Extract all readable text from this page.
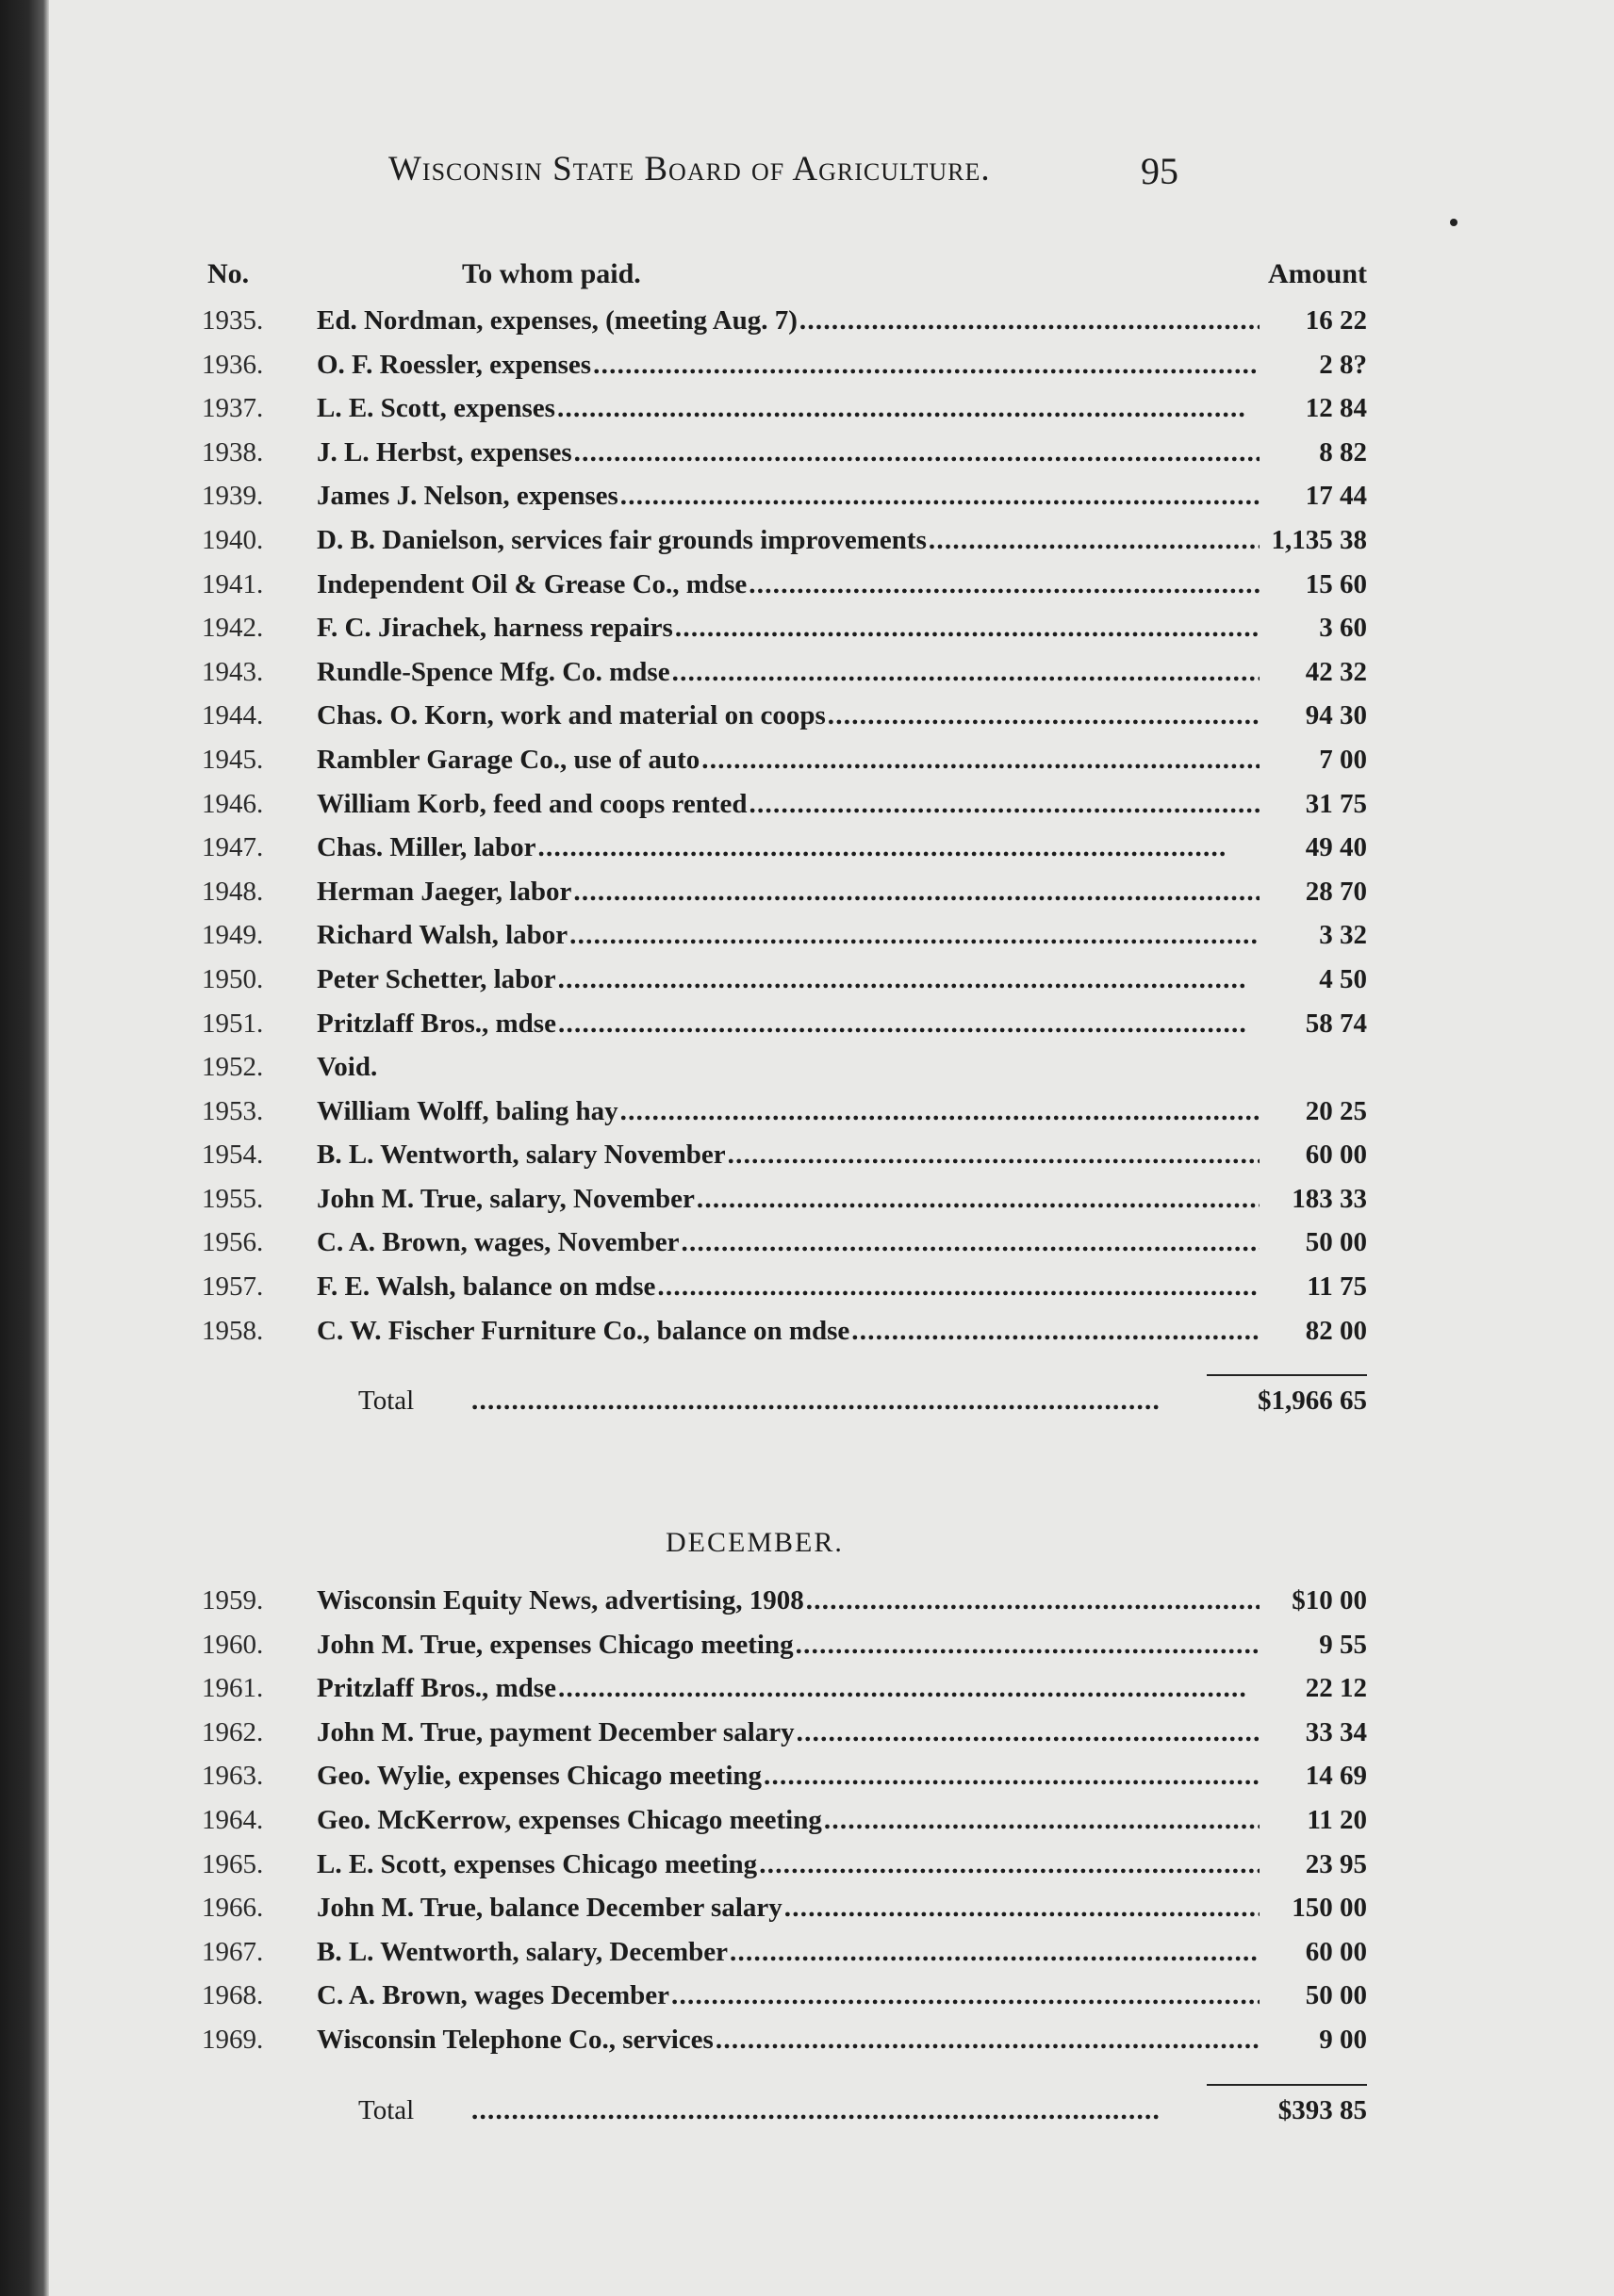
Wisconsin State Board of Agriculture.	95
No.	To whom paid.	Amount
1935.	Ed. Nordman, expenses, (meeting Aug. 7) . . .	16 22
1936.	O. F. Roessler, expenses . . .	2 8?
1937.	L. E. Scott, expenses . . .	12 84
1938.	J. L. Herbst, expenses . . .	8 82
1939.	James J. Nelson, expenses . . .	17 44
1940.	D. B. Danielson, services fair grounds improvements . . .	1,135 38
1941.	Independent Oil & Grease Co., mdse . . .	15 60
1942.	F. C. Jirachek, harness repairs . . .	3 60
1943.	Rundle-Spence Mfg. Co. mdse . . .	42 32
1944.	Chas. O. Korn, work and material on coops . . .	94 30
1945.	Rambler Garage Co., use of auto . . .	7 00
1946.	William Korb, feed and coops rented . . .	31 75
1947.	Chas. Miller, labor . . .	49 40
1948.	Herman Jaeger, labor . . .	28 70
1949.	Richard Walsh, labor . . .	3 32
1950.	Peter Schetter, labor . . .	4 50
1951.	Pritzlaff Bros., mdse . . .	58 74
1952.	Void.
1953.	William Wolff, baling hay . . .	20 25
1954.	B. L. Wentworth, salary November . . .	60 00
1955.	John M. True, salary, November . . .	183 33
1956.	C. A. Brown, wages, November . . .	50 00
1957.	F. E. Walsh, balance on mdse . . .	11 75
1958.	C. W. Fischer Furniture Co., balance on mdse . . .	82 00
Total . . .	$1,966 65
DECEMBER.
1959.	Wisconsin Equity News, advertising, 1908 . . .	$10 00
1960.	John M. True, expenses Chicago meeting . . .	9 55
1961.	Pritzlaff Bros., mdse . . .	22 12
1962.	John M. True, payment December salary . . .	33 34
1963.	Geo. Wylie, expenses Chicago meeting . . .	14 69
1964.	Geo. McKerrow, expenses Chicago meeting . . .	11 20
1965.	L. E. Scott, expenses Chicago meeting . . .	23 95
1966.	John M. True, balance December salary . . .	150 00
1967.	B. L. Wentworth, salary, December . . .	60 00
1968.	C. A. Brown, wages December . . .	50 00
1969.	Wisconsin Telephone Co., services . . .	9 00
Total . . .	$393 85
